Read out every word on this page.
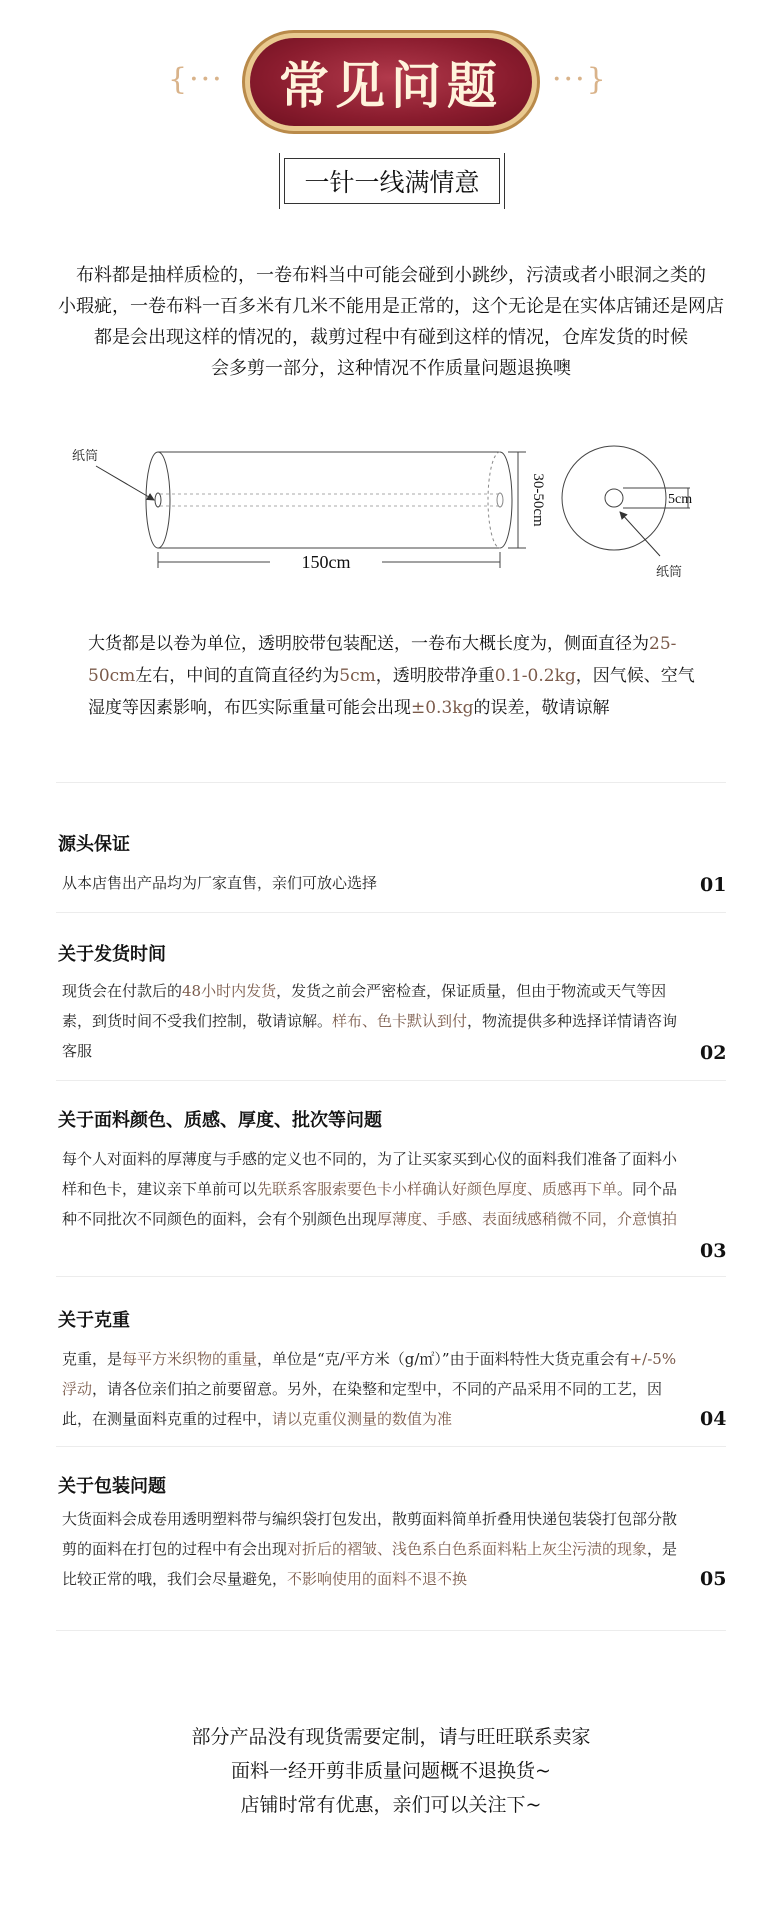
{··· 常见问题 ···}
一针一线满情意
布料都是抽样质检的，一卷布料当中可能会碰到小跳纱，污渍或者小眼洞之类的
小瑕疵，一卷布料一百多米有几米不能用是正常的，这个无论是在实体店铺还是网店
都是会出现这样的情况的，裁剪过程中有碰到这样的情况，仓库发货的时候
会多剪一部分，这种情况不作质量问题退换噢
纸筒
150cm
30-50cm	5cm
纸筒
大货都是以卷为单位，透明胶带包装配送，一卷布大概长度为，侧面直径为25-50cm左右，中间的直筒直径约为5cm，透明胶带净重0.1-0.2kg，因气候、空气湿度等因素影响，布匹实际重量可能会出现±0.3kg的误差，敬请谅解
源头保证
从本店售出产品均为厂家直售，亲们可放心选择	01
关于发货时间
现货会在付款后的48小时内发货，发货之前会严密检查，保证质量，但由于物流或天气等因素，到货时间不受我们控制，敬请谅解。样布、色卡默认到付，物流提供多种选择详情请咨询客服	02
关于面料颜色、质感、厚度、批次等问题
每个人对面料的厚薄度与手感的定义也不同的，为了让买家买到心仪的面料我们准备了面料小样和色卡，建议亲下单前可以先联系客服索要色卡小样确认好颜色厚度、质感再下单。同个品种不同批次不同颜色的面料，会有个别颜色出现厚薄度、手感、表面绒感稍微不同，介意慎拍
03
关于克重
克重，是每平方米织物的重量，单位是“克/平方米（g/㎡）”由于面料特性大货克重会有+/-5%浮动，请各位亲们拍之前要留意。另外，在染整和定型中，不同的产品采用不同的工艺，因此，在测量面料克重的过程中，请以克重仪测量的数值为准	04
关于包装问题
大货面料会成卷用透明塑料带与编织袋打包发出，散剪面料简单折叠用快递包装袋打包部分散剪的面料在打包的过程中有会出现对折后的褶皱、浅色系白色系面料粘上灰尘污渍的现象，是比较正常的哦，我们会尽量避免，不影响使用的面料不退不换	05
部分产品没有现货需要定制，请与旺旺联系卖家
面料一经开剪非质量问题概不退换货~
店铺时常有优惠，亲们可以关注下~
